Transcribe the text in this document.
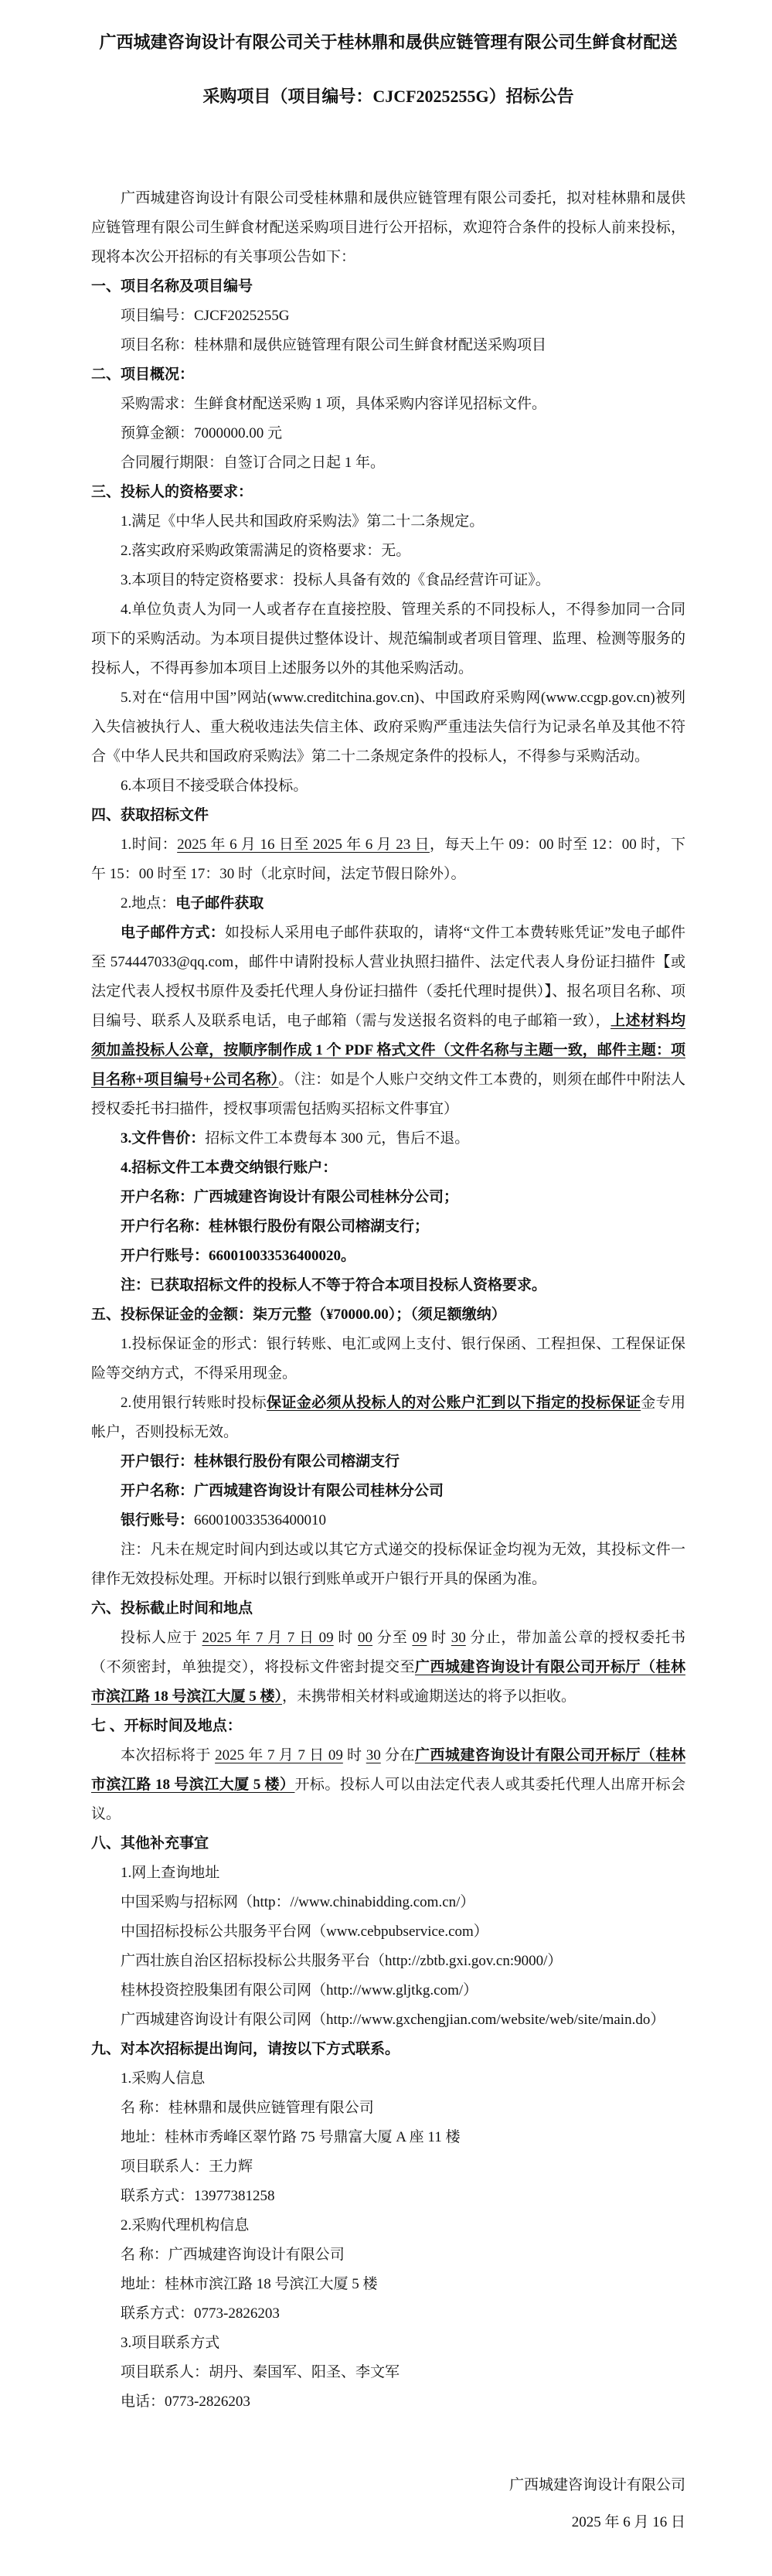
广西城建咨询设计有限公司关于桂林鼎和晟供应链管理有限公司生鲜食材配送采购项目（项目编号：CJCF2025255G）招标公告

广西城建咨询设计有限公司受桂林鼎和晟供应链管理有限公司委托，拟对桂林鼎和晟供应链管理有限公司生鲜食材配送采购项目进行公开招标，欢迎符合条件的投标人前来投标，现将本次公开招标的有关事项公告如下：

一、项目名称及项目编号

项目编号：CJCF2025255G

项目名称：桂林鼎和晟供应链管理有限公司生鲜食材配送采购项目

二、项目概况：

采购需求：生鲜食材配送采购 1 项，具体采购内容详见招标文件。

预算金额：7000000.00 元

合同履行期限：自签订合同之日起 1 年。

三、投标人的资格要求：

1.满足《中华人民共和国政府采购法》第二十二条规定。

2.落实政府采购政策需满足的资格要求：无。

3.本项目的特定资格要求：投标人具备有效的《食品经营许可证》。

4.单位负责人为同一人或者存在直接控股、管理关系的不同投标人，不得参加同一合同项下的采购活动。为本项目提供过整体设计、规范编制或者项目管理、监理、检测等服务的投标人，不得再参加本项目上述服务以外的其他采购活动。

5.对在“信用中国”网站(www.creditchina.gov.cn)、中国政府采购网(www.ccgp.gov.cn)被列入失信被执行人、重大税收违法失信主体、政府采购严重违法失信行为记录名单及其他不符合《中华人民共和国政府采购法》第二十二条规定条件的投标人，不得参与采购活动。

6.本项目不接受联合体投标。

四、获取招标文件

1.时间：2025 年 6 月 16 日至 2025 年 6 月 23 日，每天上午 09：00 时至 12：00 时，下午 15：00 时至 17：30 时（北京时间，法定节假日除外）。

2.地点：电子邮件获取

电子邮件方式：如投标人采用电子邮件获取的，请将“文件工本费转账凭证”发电子邮件至 574447033@qq.com，邮件中请附投标人营业执照扫描件、法定代表人身份证扫描件【或法定代表人授权书原件及委托代理人身份证扫描件（委托代理时提供）】、报名项目名称、项目编号、联系人及联系电话，电子邮箱（需与发送报名资料的电子邮箱一致），上述材料均须加盖投标人公章，按顺序制作成 1 个 PDF 格式文件（文件名称与主题一致，邮件主题：项目名称+项目编号+公司名称）。（注：如是个人账户交纳文件工本费的，则须在邮件中附法人授权委托书扫描件，授权事项需包括购买招标文件事宜）

3.文件售价：招标文件工本费每本 300 元，售后不退。

4.招标文件工本费交纳银行账户：

开户名称：广西城建咨询设计有限公司桂林分公司；

开户行名称：桂林银行股份有限公司榕湖支行；

开户行账号：660010033536400020。

注：已获取招标文件的投标人不等于符合本项目投标人资格要求。

五、投标保证金的金额：柒万元整（¥70000.00）；（须足额缴纳）

1.投标保证金的形式：银行转账、电汇或网上支付、银行保函、工程担保、工程保证保险等交纳方式，不得采用现金。

2.使用银行转账时投标保证金必须从投标人的对公账户汇到以下指定的投标保证金专用帐户，否则投标无效。

开户银行：桂林银行股份有限公司榕湖支行

开户名称：广西城建咨询设计有限公司桂林分公司

银行账号：660010033536400010

注：凡未在规定时间内到达或以其它方式递交的投标保证金均视为无效，其投标文件一律作无效投标处理。开标时以银行到账单或开户银行开具的保函为准。

六、投标截止时间和地点

投标人应于 2025 年 7 月 7 日 09 时 00 分至 09 时 30 分止，带加盖公章的授权委托书（不须密封，单独提交），将投标文件密封提交至广西城建咨询设计有限公司开标厅（桂林市滨江路 18 号滨江大厦 5 楼），未携带相关材料或逾期送达的将予以拒收。

七 、开标时间及地点：

本次招标将于 2025 年 7 月 7 日 09 时 30 分在广西城建咨询设计有限公司开标厅（桂林市滨江路 18 号滨江大厦 5 楼）开标。投标人可以由法定代表人或其委托代理人出席开标会议。

八、其他补充事宜

1.网上查询地址

中国采购与招标网（http：//www.chinabidding.com.cn/）

中国招标投标公共服务平台网（www.cebpubservice.com）

广西壮族自治区招标投标公共服务平台（http://zbtb.gxi.gov.cn:9000/）

桂林投资控股集团有限公司网（http://www.gljtkg.com/）

广西城建咨询设计有限公司网（http://www.gxchengjian.com/website/web/site/main.do）

九、对本次招标提出询问，请按以下方式联系。

1.采购人信息

名 称：桂林鼎和晟供应链管理有限公司

地址：桂林市秀峰区翠竹路 75 号鼎富大厦 A 座 11 楼

项目联系人：王力辉

联系方式：13977381258

2.采购代理机构信息

名 称：广西城建咨询设计有限公司

地址：桂林市滨江路 18 号滨江大厦 5 楼

联系方式：0773-2826203

3.项目联系方式

项目联系人：胡丹、秦国军、阳圣、李文军

电话：0773-2826203

广西城建咨询设计有限公司

2025 年 6 月 16 日
